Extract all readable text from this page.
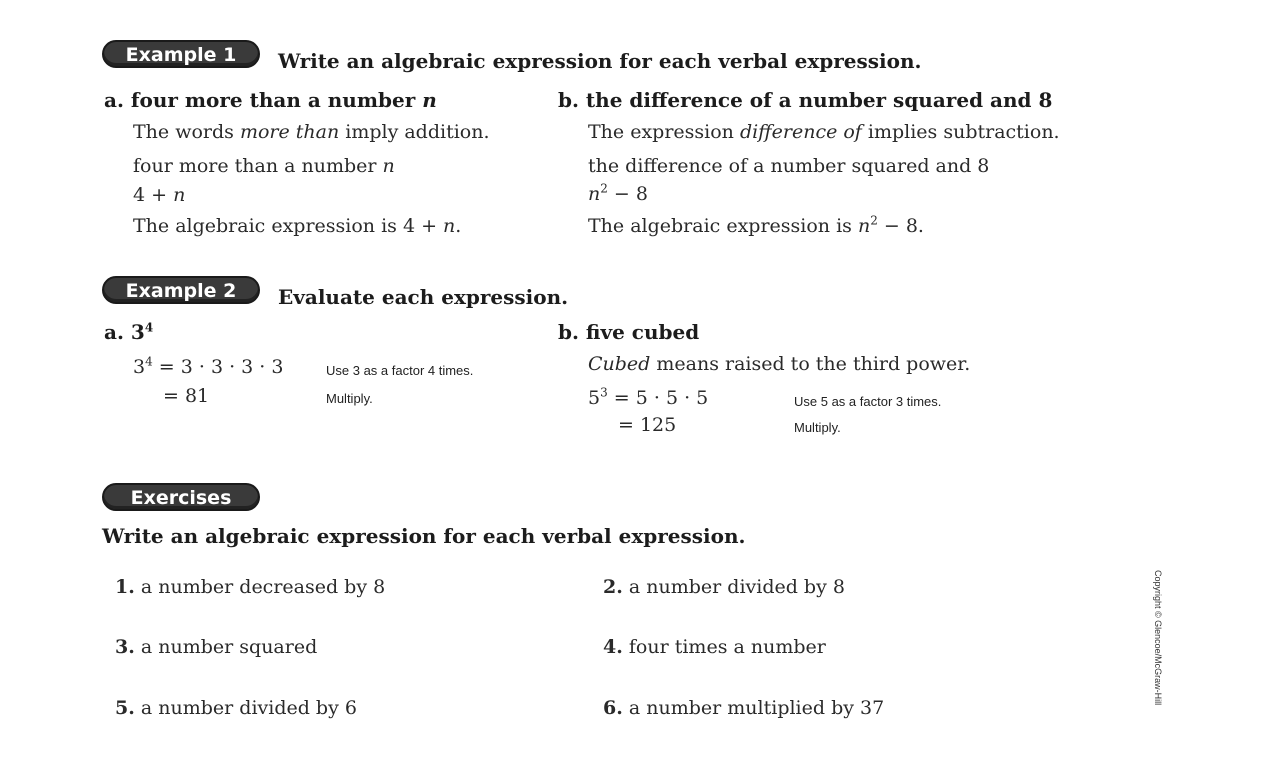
Example 1	Write an algebraic expression for each verbal expression.
a. four more than a number n
The words more than imply addition.
four more than a number n
4 + n
The algebraic expression is 4 + n.
b. the difference of a number squared and 8
The expression difference of implies subtraction.
the difference of a number squared and 8
$n^2 - 8$
The algebraic expression is $n^2 - 8$.
Example 2	Evaluate each expression.
a. $3^4$
$3^4 = 3 \cdot 3 \cdot 3 \cdot 3$	Use 3 as a factor 4 times.
= 81	Multiply.
b. five cubed
Cubed means raised to the third power.
$5^3 = 5 \cdot 5 \cdot 5$	Use 5 as a factor 3 times.
= 125	Multiply.
Exercises
Write an algebraic expression for each verbal expression.
1. a number decreased by 8	2. a number divided by 8
3. a number squared	4. four times a number
5. a number divided by 6	6. a number multiplied by 37
Copyright © Glencoe/McGraw-Hill
